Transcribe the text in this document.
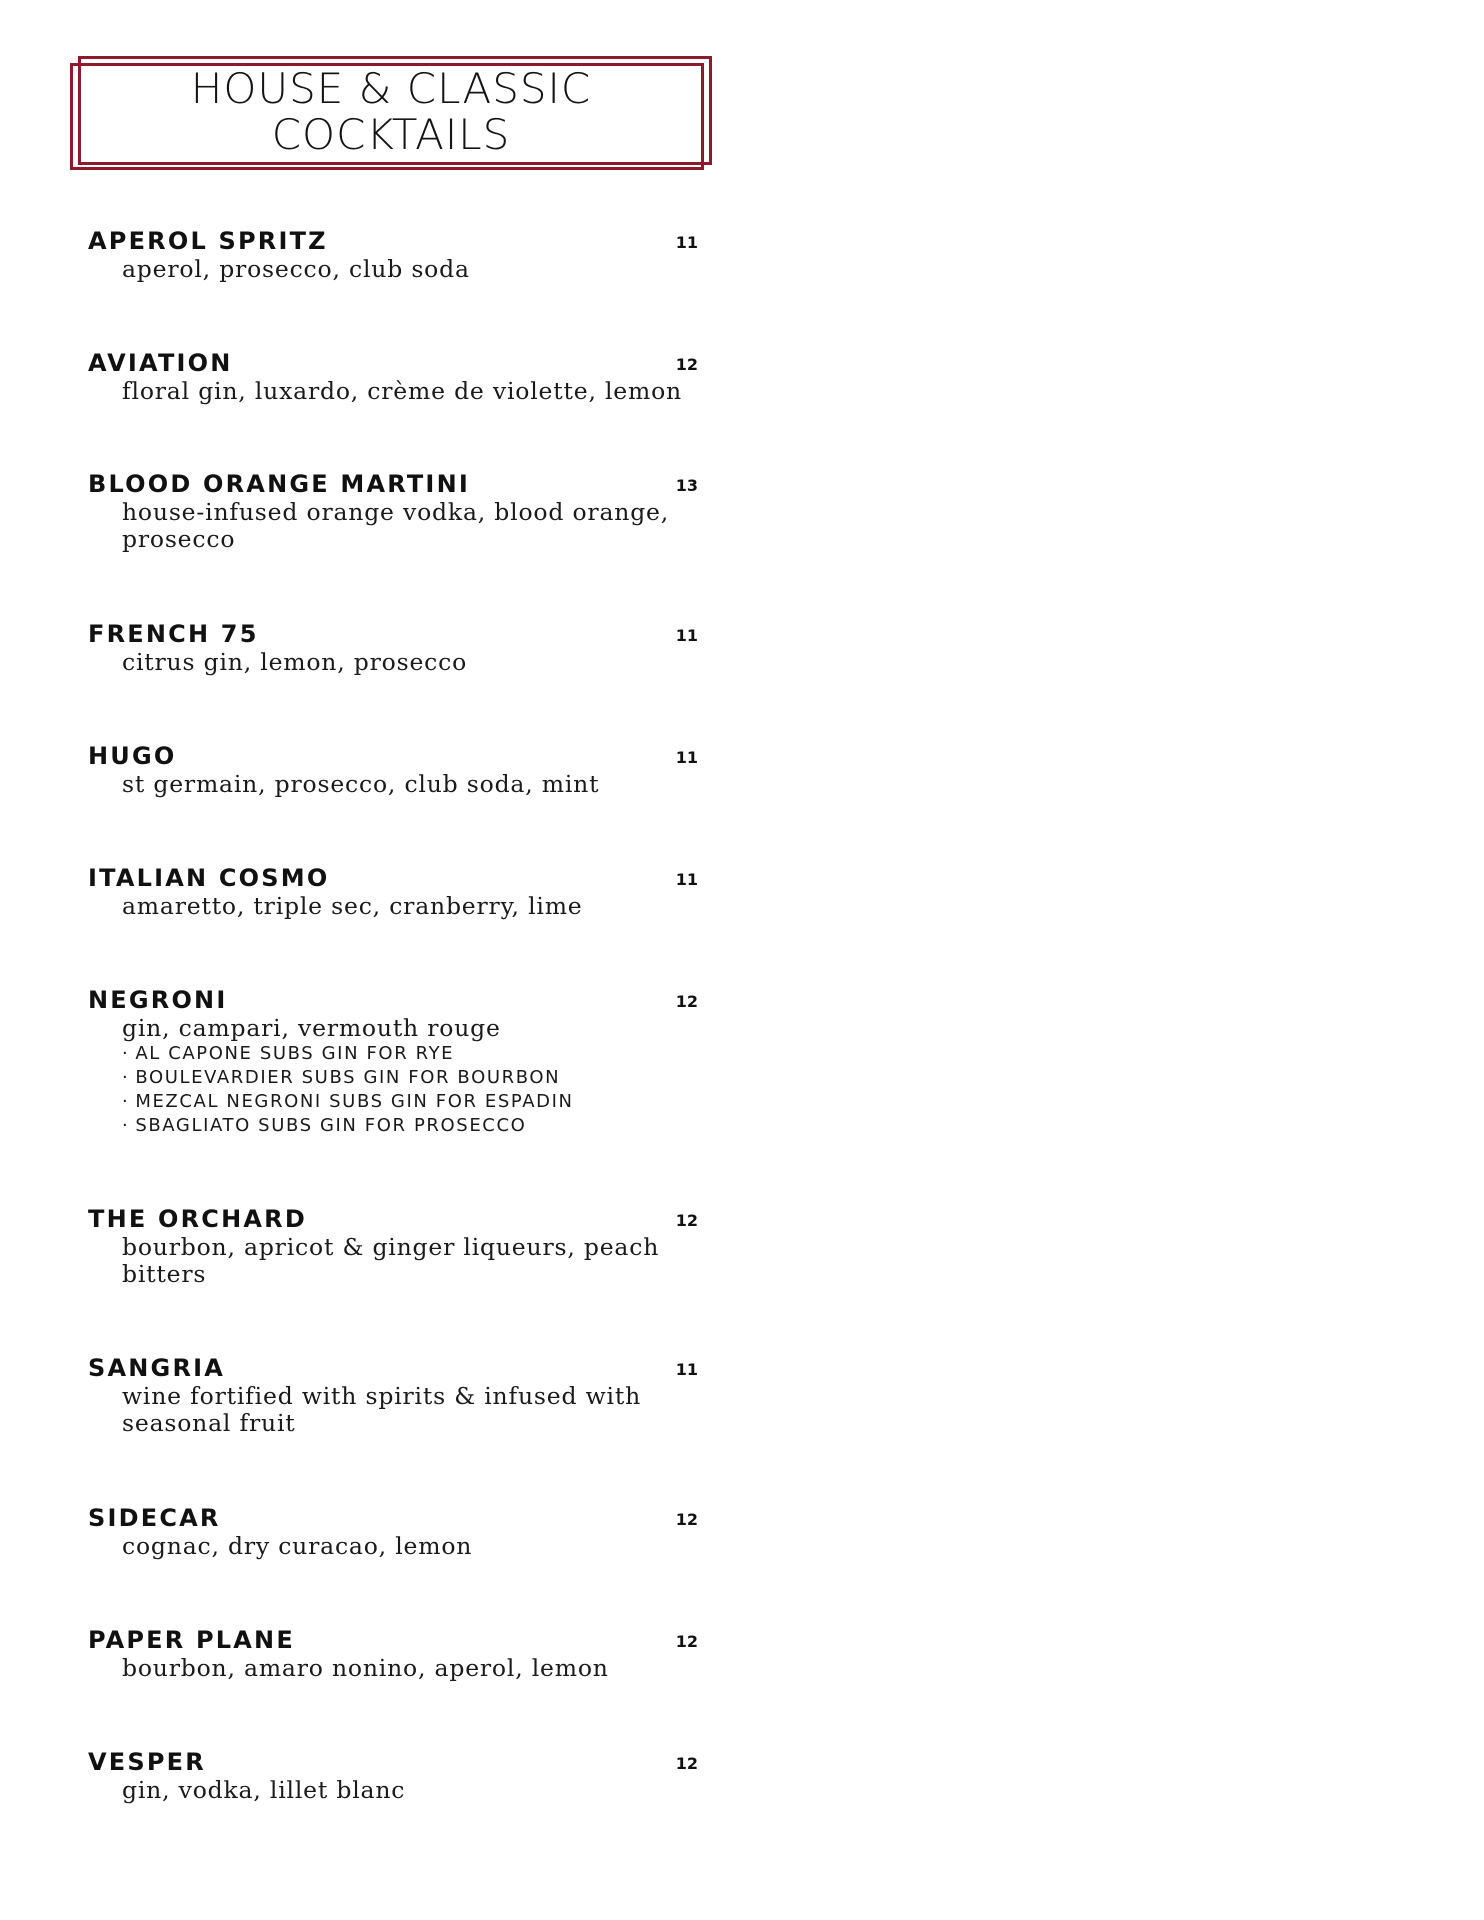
HOUSE & CLASSIC
COCKTAILS
APEROL SPRITZ	11
aperol, prosecco, club soda
AVIATION	12
floral gin, luxardo, crème de violette, lemon
BLOOD ORANGE MARTINI	13
house-infused orange vodka, blood orange, prosecco
FRENCH 75	11
citrus gin, lemon, prosecco
HUGO	11
st germain, prosecco, club soda, mint
ITALIAN COSMO	11
amaretto, triple sec, cranberry, lime
NEGRONI	12
gin, campari, vermouth rouge
· AL CAPONE SUBS GIN FOR RYE
· BOULEVARDIER SUBS GIN FOR BOURBON
· MEZCAL NEGRONI SUBS GIN FOR ESPADIN
· SBAGLIATO SUBS GIN FOR PROSECCO
THE ORCHARD	12
bourbon, apricot & ginger liqueurs, peach bitters
SANGRIA	11
wine fortified with spirits & infused with seasonal fruit
SIDECAR	12
cognac, dry curacao, lemon
PAPER PLANE	12
bourbon, amaro nonino, aperol, lemon
VESPER	12
gin, vodka, lillet blanc
